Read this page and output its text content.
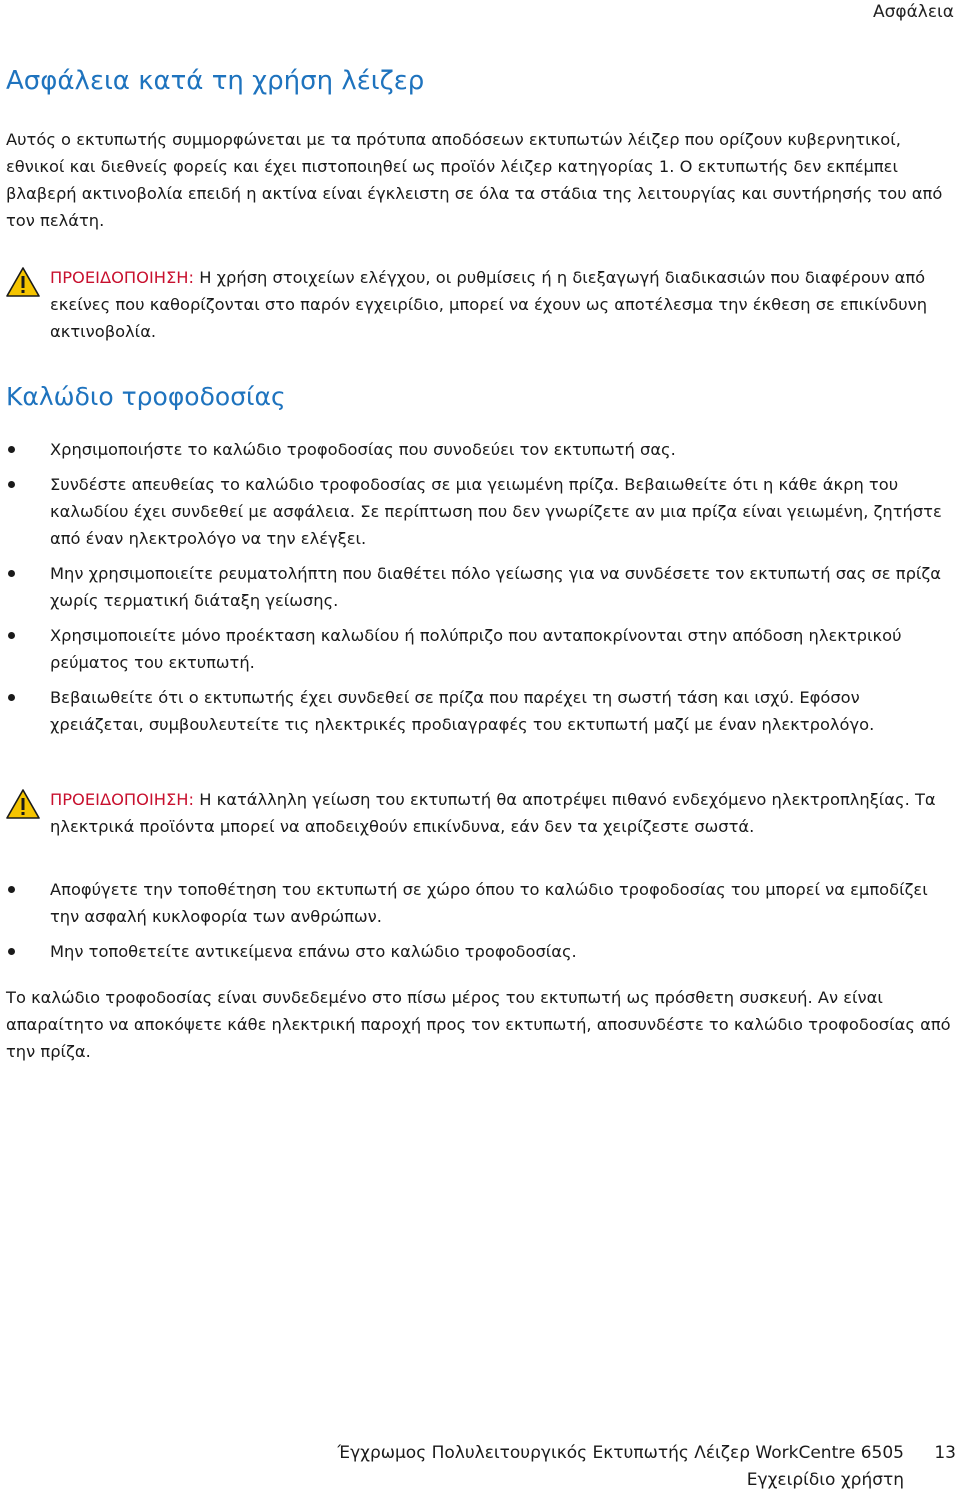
Ασφάλεια
Ασφάλεια κατά τη χρήση λέιζερ

Αυτός ο εκτυπωτής συμμορφώνεται με τα πρότυπα αποδόσεων εκτυπωτών λέιζερ που ορίζουν κυβερνητικοί, εθνικοί και διεθνείς φορείς και έχει πιστοποιηθεί ως προϊόν λέιζερ κατηγορίας 1. Ο εκτυπωτής δεν εκπέμπει βλαβερή ακτινοβολία επειδή η ακτίνα είναι έγκλειστη σε όλα τα στάδια της λειτουργίας και συντήρησής του από τον πελάτη.

ΠΡΟΕΙΔΟΠΟΙΗΣΗ: Η χρήση στοιχείων ελέγχου, οι ρυθμίσεις ή η διεξαγωγή διαδικασιών που διαφέρουν από εκείνες που καθορίζονται στο παρόν εγχειρίδιο, μπορεί να έχουν ως αποτέλεσμα την έκθεση σε επικίνδυνη ακτινοβολία.

Καλώδιο τροφοδοσίας
Χρησιμοποιήστε το καλώδιο τροφοδοσίας που συνοδεύει τον εκτυπωτή σας.
Συνδέστε απευθείας το καλώδιο τροφοδοσίας σε μια γειωμένη πρίζα. Βεβαιωθείτε ότι η κάθε άκρη του καλωδίου έχει συνδεθεί με ασφάλεια. Σε περίπτωση που δεν γνωρίζετε αν μια πρίζα είναι γειωμένη, ζητήστε από έναν ηλεκτρολόγο να την ελέγξει.
Μην χρησιμοποιείτε ρευματολήπτη που διαθέτει πόλο γείωσης για να συνδέσετε τον εκτυπωτή σας σε πρίζα χωρίς τερματική διάταξη γείωσης.
Χρησιμοποιείτε μόνο προέκταση καλωδίου ή πολύπριζο που ανταποκρίνονται στην απόδοση ηλεκτρικού ρεύματος του εκτυπωτή.
Βεβαιωθείτε ότι ο εκτυπωτής έχει συνδεθεί σε πρίζα που παρέχει τη σωστή τάση και ισχύ. Εφόσον χρειάζεται, συμβουλευτείτε τις ηλεκτρικές προδιαγραφές του εκτυπωτή μαζί με έναν ηλεκτρολόγο.

ΠΡΟΕΙΔΟΠΟΙΗΣΗ: Η κατάλληλη γείωση του εκτυπωτή θα αποτρέψει πιθανό ενδεχόμενο ηλεκτροπληξίας. Τα ηλεκτρικά προϊόντα μπορεί να αποδειχθούν επικίνδυνα, εάν δεν τα χειρίζεστε σωστά.

Αποφύγετε την τοποθέτηση του εκτυπωτή σε χώρο όπου το καλώδιο τροφοδοσίας του μπορεί να εμποδίζει την ασφαλή κυκλοφορία των ανθρώπων.
Μην τοποθετείτε αντικείμενα επάνω στο καλώδιο τροφοδοσίας.

Το καλώδιο τροφοδοσίας είναι συνδεδεμένο στο πίσω μέρος του εκτυπωτή ως πρόσθετη συσκευή. Αν είναι απαραίτητο να αποκόψετε κάθε ηλεκτρική παροχή προς τον εκτυπωτή, αποσυνδέστε το καλώδιο τροφοδοσίας από την πρίζα.

Έγχρωμος Πολυλειτουργικός Εκτυπωτής Λέιζερ WorkCentre 6505
Εγχειρίδιο χρήστη
13
